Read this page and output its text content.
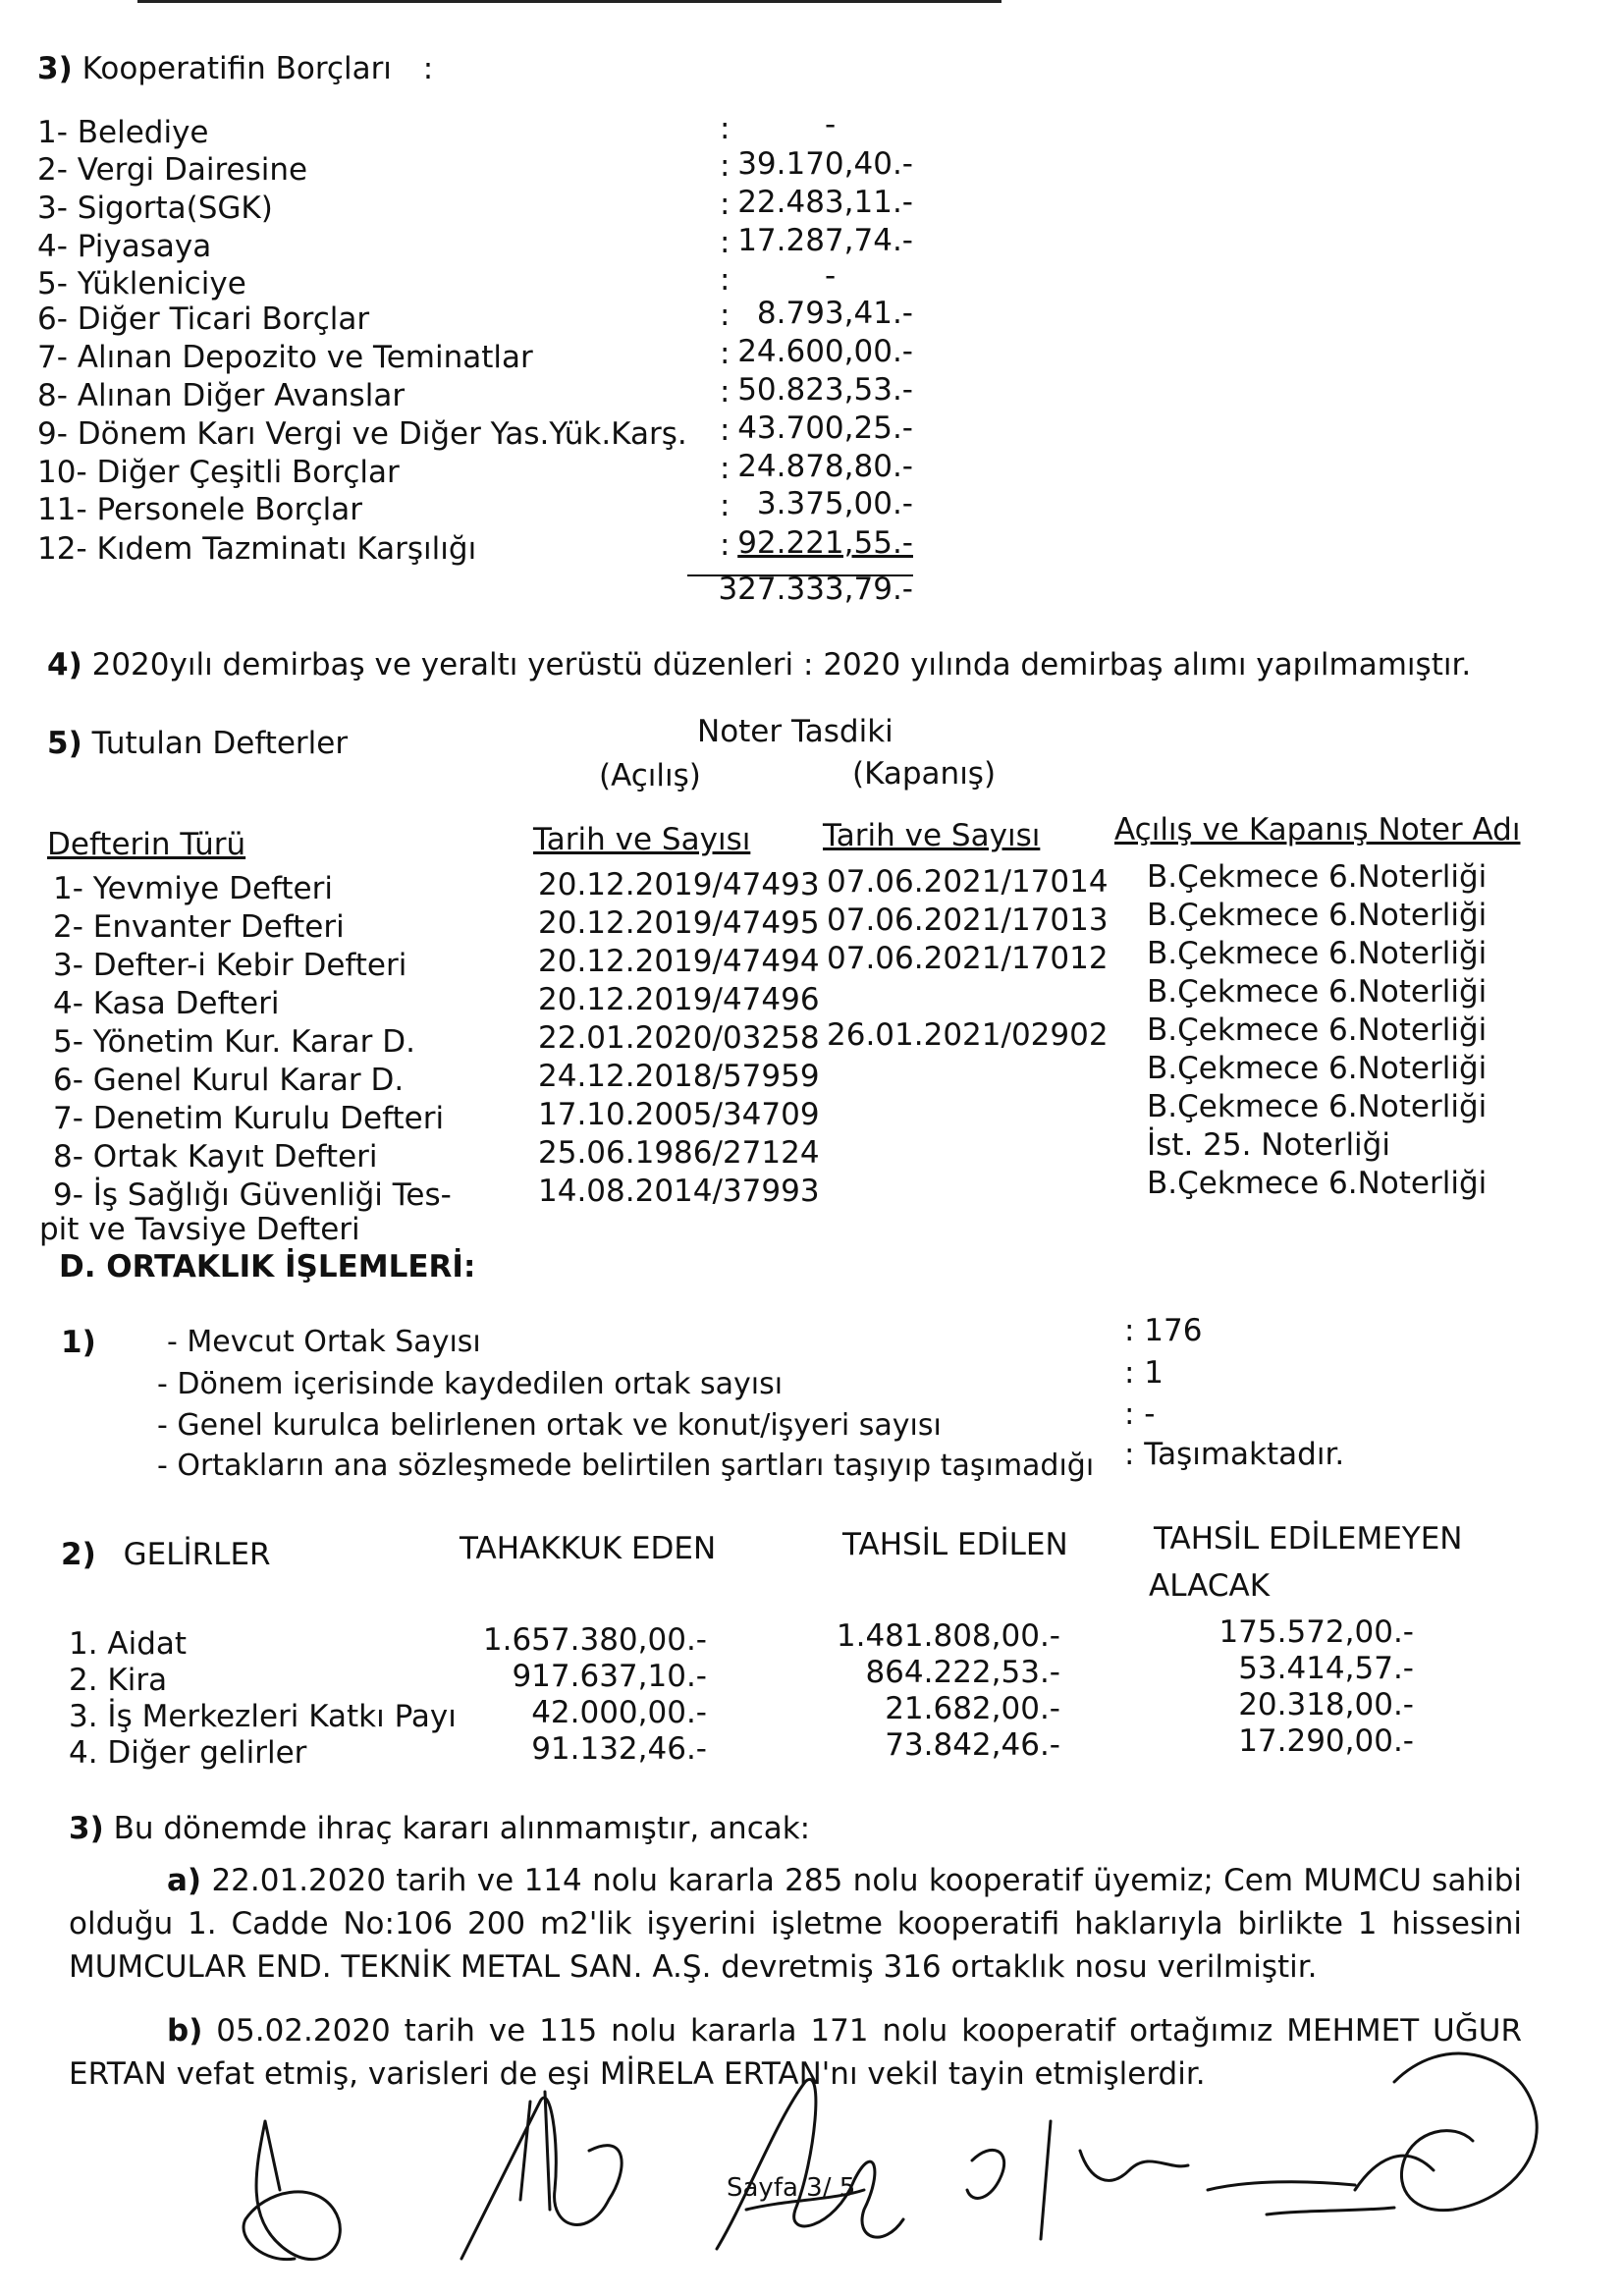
3) Kooperatifin Borçları :
1- Belediye	:	-
2- Vergi Dairesine	: 39.170,40.-
3- Sigorta(SGK)	: 22.483,11.-
4- Piyasaya	: 17.287,74.-
5- Yükleniciye	:	-
6- Diğer Ticari Borçlar	: 8.793,41.-
7- Alınan Depozito ve Teminatlar	: 24.600,00.-
8- Alınan Diğer Avanslar	: 50.823,53.-
9- Dönem Karı Vergi ve Diğer Yas.Yük.Karş. : 43.700,25.-
10- Diğer Çeşitli Borçlar	: 24.878,80.-
11- Personele Borçlar	: 3.375,00.-
12- Kıdem Tazminatı Karşılığı	: 92.221,55.-
327.333,79.-
4) 2020yılı demirbaş ve yeraltı yerüstü düzenleri : 2020 yılında demirbaş alımı yapılmamıştır.
5) Tutulan Defterler	Noter Tasdiki
(Açılış)	(Kapanış)
Defterin Türü	Tarih ve Sayısı Tarih ve Sayısı Açılış ve Kapanış Noter Adı
1- Yevmiye Defteri	20.12.2019/47493 07.06.2021/17014 B.Çekmece 6.Noterliği
2- Envanter Defteri	20.12.2019/47495 07.06.2021/17013 B.Çekmece 6.Noterliği
3- Defter-i Kebir Defteri	20.12.2019/47494 07.06.2021/17012 B.Çekmece 6.Noterliği
4- Kasa Defteri	20.12.2019/47496	B.Çekmece 6.Noterliği
5- Yönetim Kur. Karar D.	22.01.2020/03258 26.01.2021/02902 B.Çekmece 6.Noterliği
6- Genel Kurul Karar D.	24.12.2018/57959	B.Çekmece 6.Noterliği
7- Denetim Kurulu Defteri	17.10.2005/34709	B.Çekmece 6.Noterliği
8- Ortak Kayıt Defteri	25.06.1986/27124	İst. 25. Noterliği
9- İş Sağlığı Güvenliği Tes-	14.08.2014/37993	B.Çekmece 6.Noterliği
pit ve Tavsiye Defteri
D. ORTAKLIK İŞLEMLERİ:
1) - Mevcut Ortak Sayısı	: 176
- Dönem içerisinde kaydedilen ortak sayısı	: 1
- Genel kurulca belirlenen ortak ve konut/işyeri sayısı	: -
- Ortakların ana sözleşmede belirtilen şartları taşıyıp taşımadığı : Taşımaktadır.
2) GELİRLER	TAHAKKUK EDEN	TAHSİL EDİLEN	TAHSİL EDİLEMEYEN
ALACAK
1. Aidat	1.657.380,00.-	1.481.808,00.-	175.572,00.-
2. Kira	917.637,10.-	864.222,53.-	53.414,57.-
3. İş Merkezleri Katkı Payı	42.000,00.-	21.682,00.-	20.318,00.-
4. Diğer gelirler	91.132,46.-	73.842,46.-	17.290,00.-
3) Bu dönemde ihraç kararı alınmamıştır, ancak:
a) 22.01.2020 tarih ve 114 nolu kararla 285 nolu kooperatif üyemiz; Cem MUMCU sahibi olduğu 1. Cadde No:106 200 m2'lik işyerini işletme kooperatifi haklarıyla birlikte 1 hissesini MUMCULAR END. TEKNİK METAL SAN. A.Ş. devretmiş 316 ortaklık nosu verilmiştir.
b) 05.02.2020 tarih ve 115 nolu kararla 171 nolu kooperatif ortağımız MEHMET UĞUR ERTAN vefat etmiş, varisleri de eşi MİRELA ERTAN'nı vekil tayin etmişlerdir.
Sayfa 3/ 5
